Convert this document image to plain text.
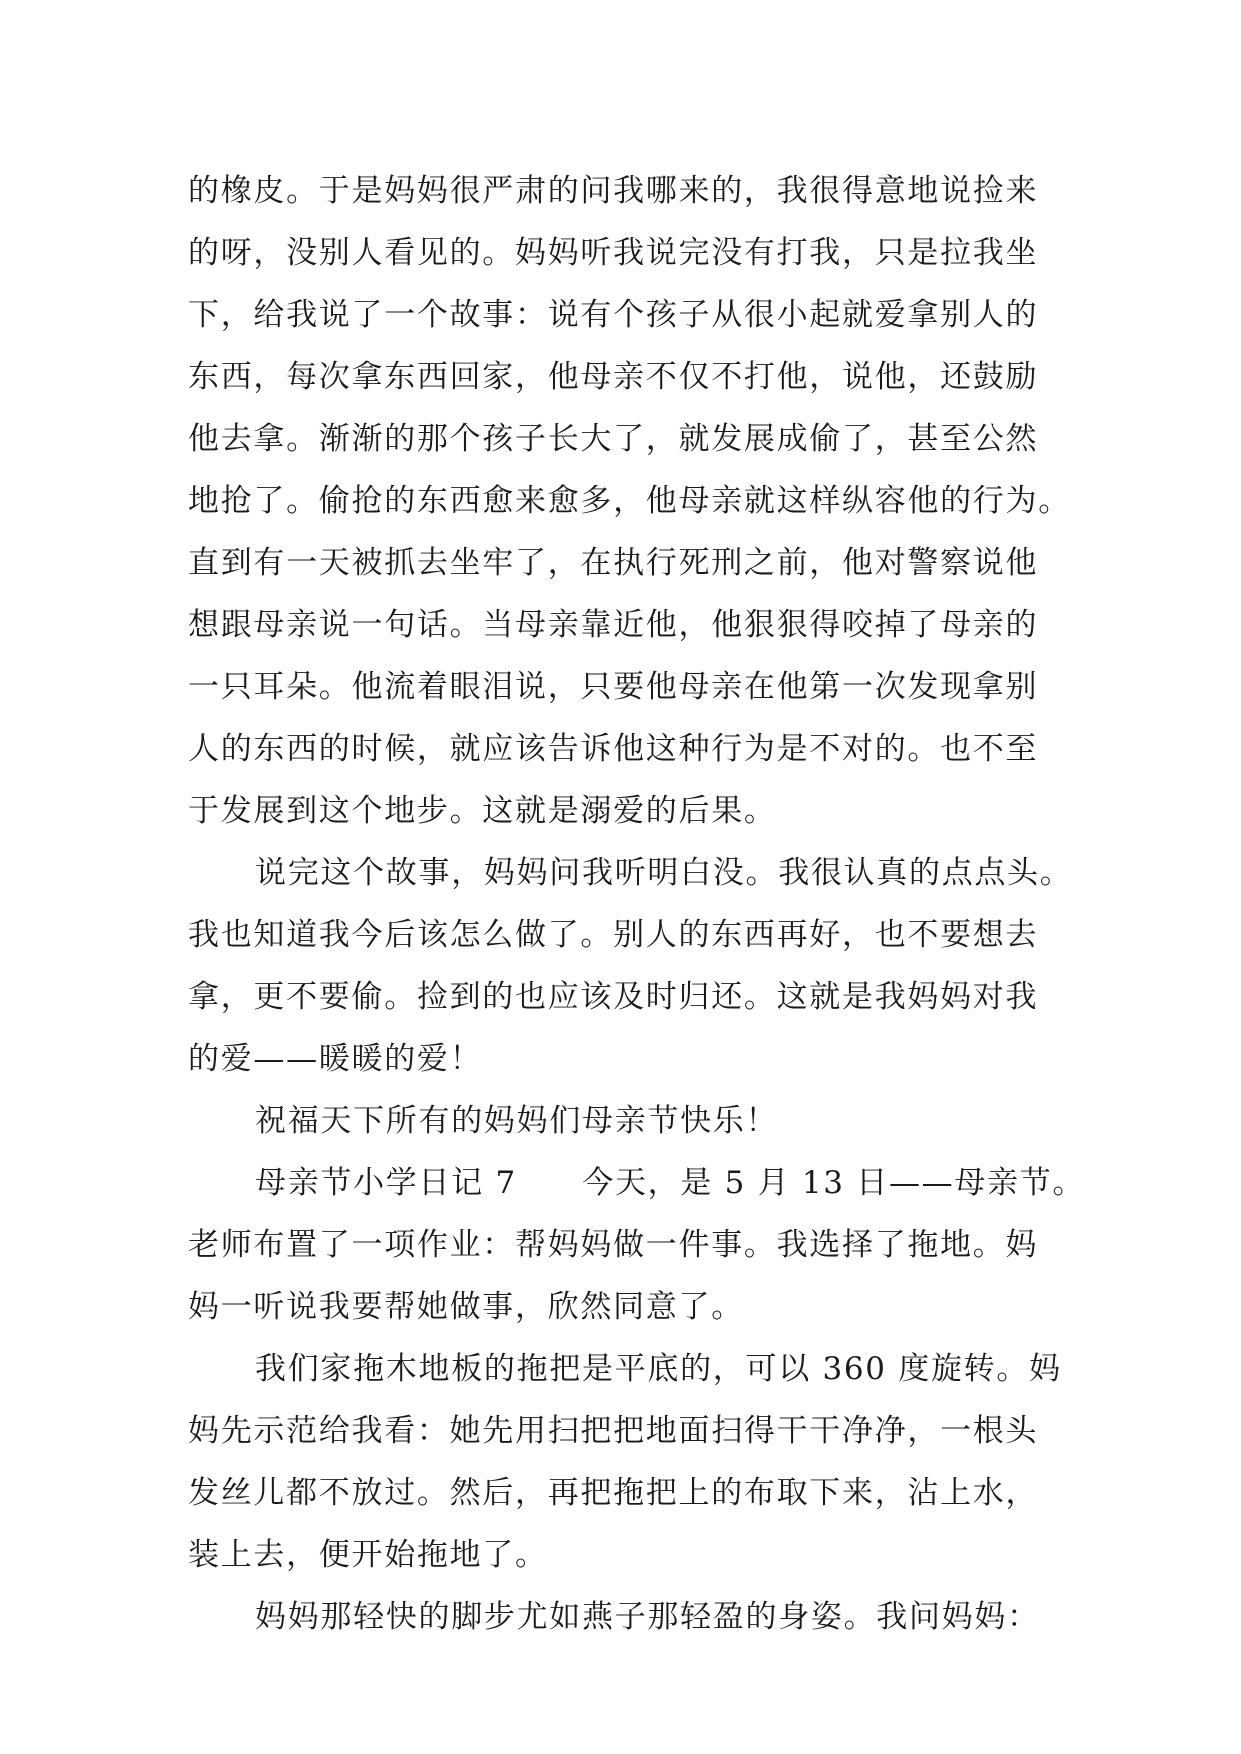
的橡皮。于是妈妈很严肃的问我哪来的，我很得意地说捡来
的呀，没别人看见的。妈妈听我说完没有打我，只是拉我坐
下，给我说了一个故事：说有个孩子从很小起就爱拿别人的
东西，每次拿东西回家，他母亲不仅不打他，说他，还鼓励
他去拿。渐渐的那个孩子长大了，就发展成偷了，甚至公然
地抢了。偷抢的东西愈来愈多，他母亲就这样纵容他的行为。
直到有一天被抓去坐牢了，在执行死刑之前，他对警察说他
想跟母亲说一句话。当母亲靠近他，他狠狠得咬掉了母亲的
一只耳朵。他流着眼泪说，只要他母亲在他第一次发现拿别
人的东西的时候，就应该告诉他这种行为是不对的。也不至
于发展到这个地步。这就是溺爱的后果。
说完这个故事，妈妈问我听明白没。我很认真的点点头。
我也知道我今后该怎么做了。别人的东西再好，也不要想去
拿，更不要偷。捡到的也应该及时归还。这就是我妈妈对我
的爱——暖暖的爱！
祝福天下所有的妈妈们母亲节快乐！
母亲节小学日记 7　　今天，是 5 月 13 日——母亲节。
老师布置了一项作业：帮妈妈做一件事。我选择了拖地。妈
妈一听说我要帮她做事，欣然同意了。
我们家拖木地板的拖把是平底的，可以 360 度旋转。妈
妈先示范给我看：她先用扫把把地面扫得干干净净，一根头
发丝儿都不放过。然后，再把拖把上的布取下来，沾上水，
装上去，便开始拖地了。
妈妈那轻快的脚步尤如燕子那轻盈的身姿。我问妈妈：
